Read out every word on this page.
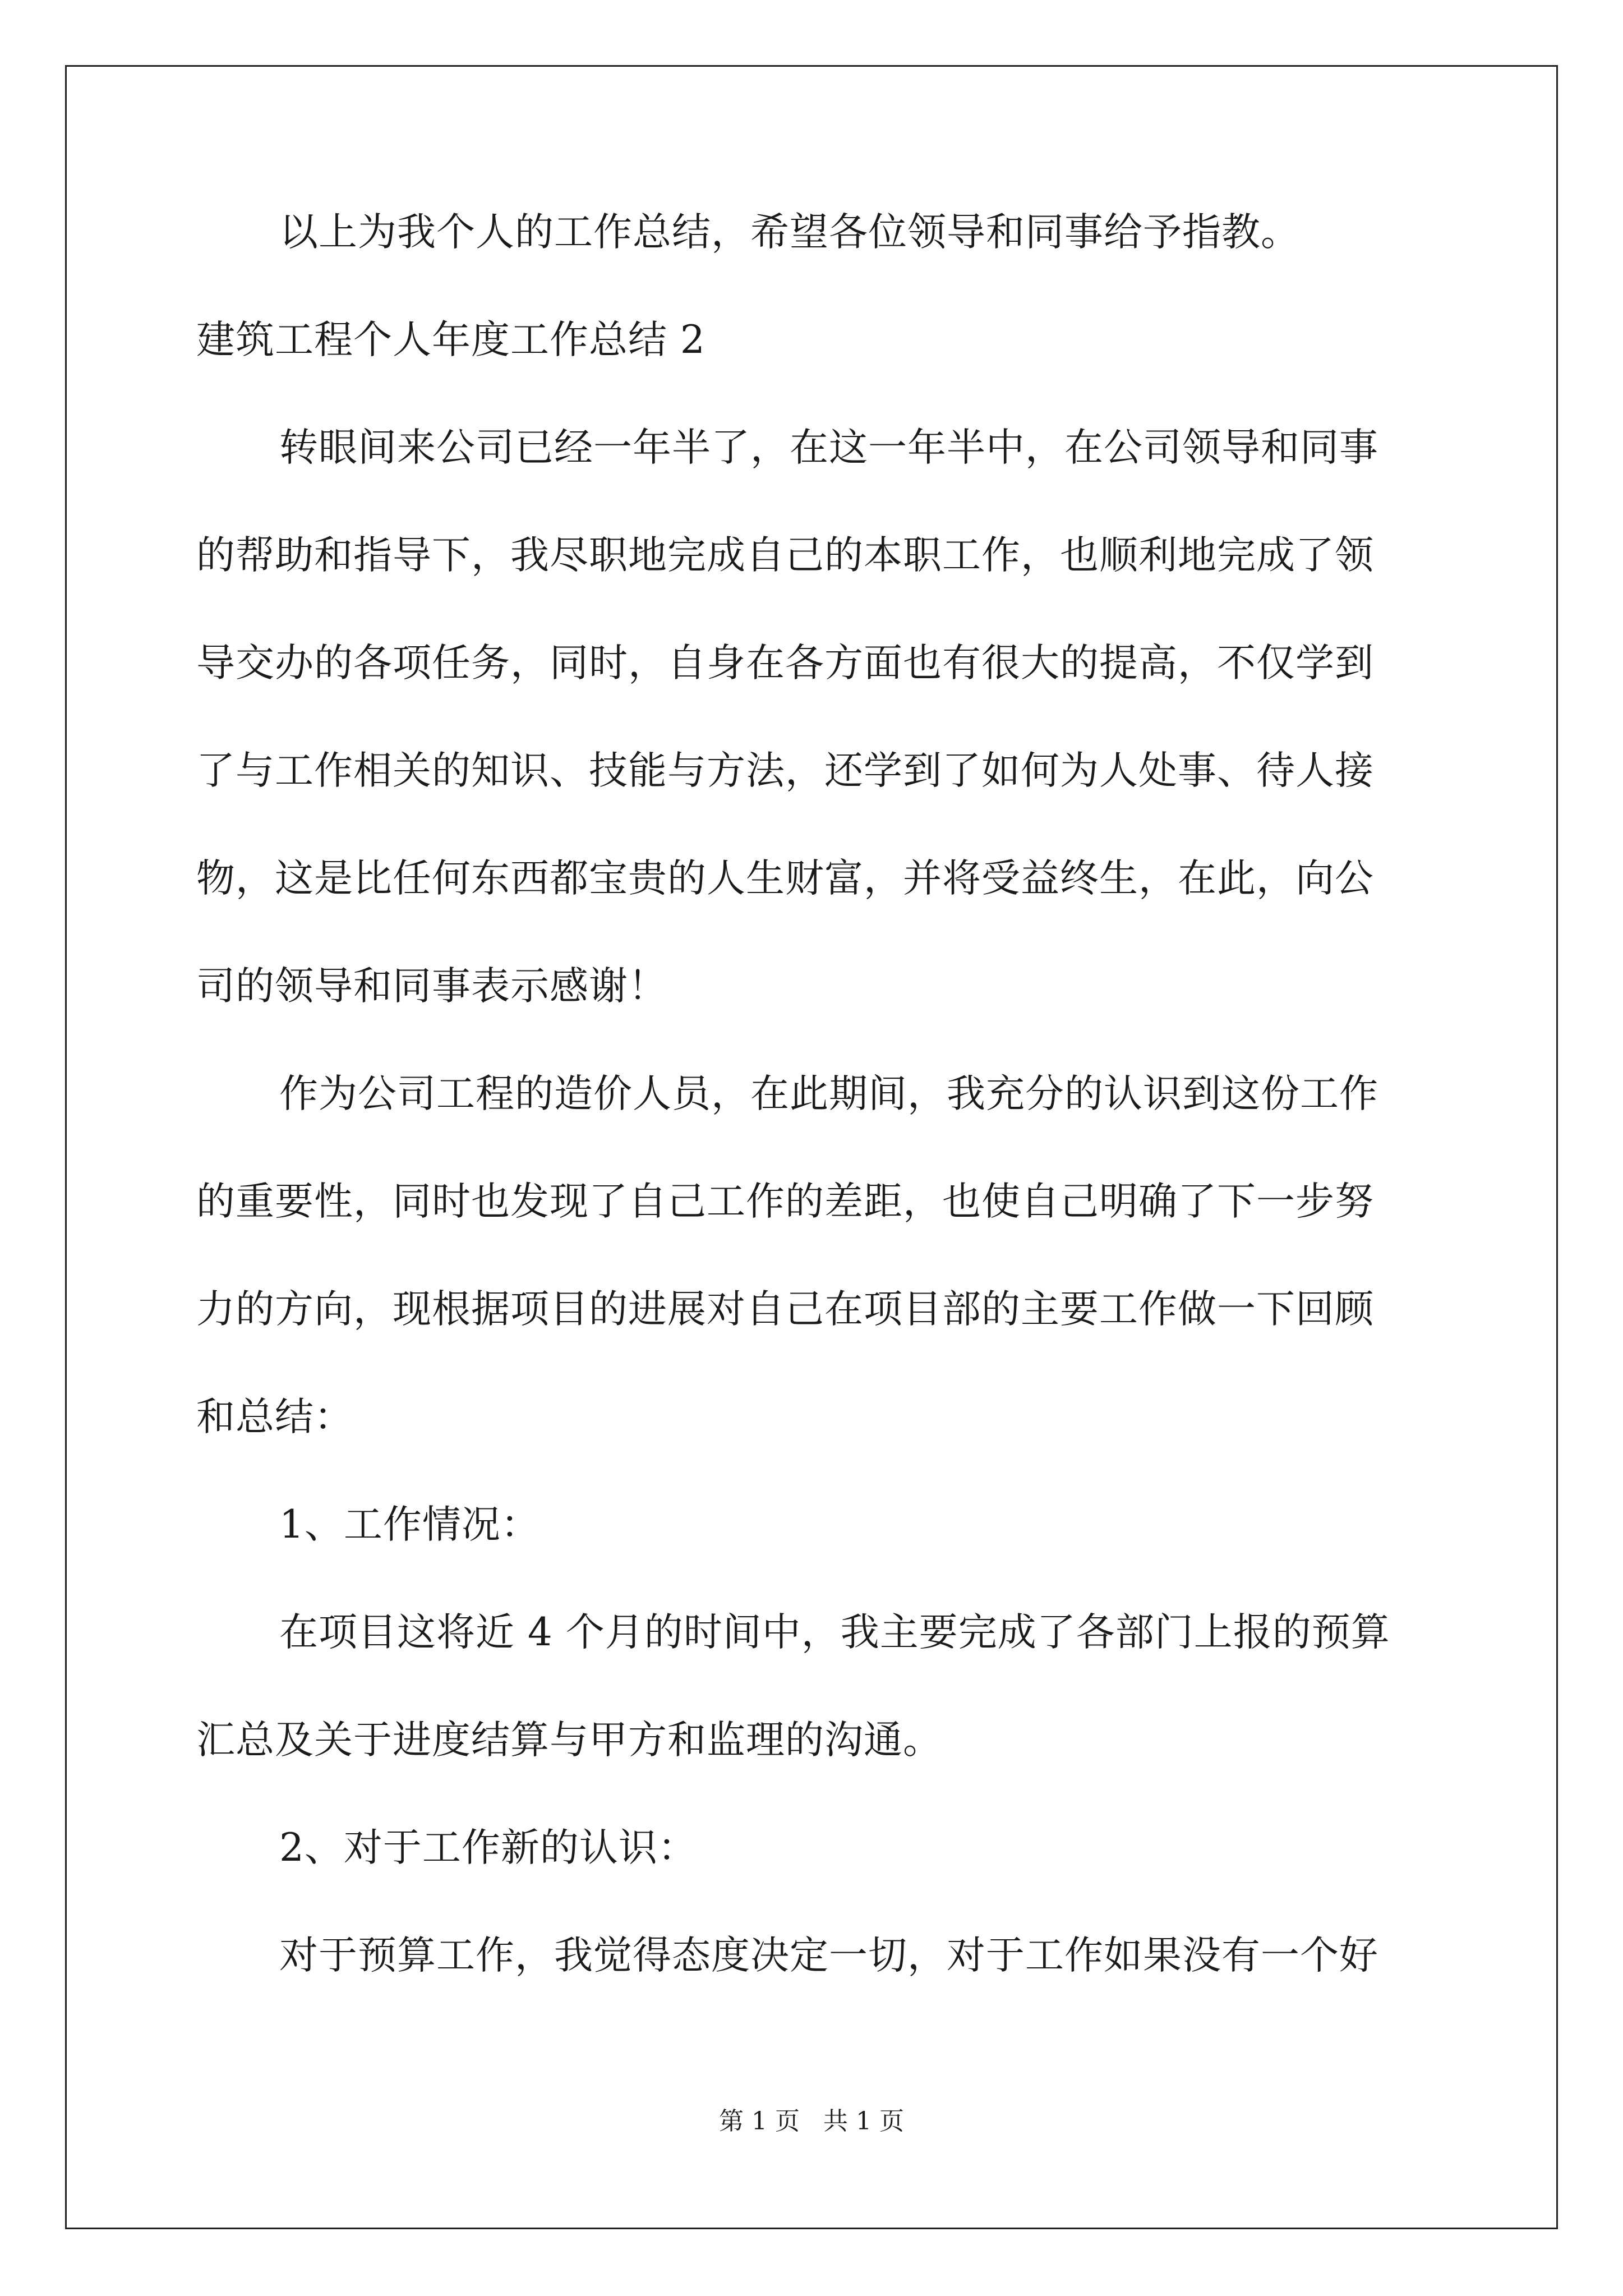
以上为我个人的工作总结，希望各位领导和同事给予指教。
建筑工程个人年度工作总结 2
转眼间来公司已经一年半了，在这一年半中，在公司领导和同事
的帮助和指导下，我尽职地完成自己的本职工作，也顺利地完成了领
导交办的各项任务，同时，自身在各方面也有很大的提高，不仅学到
了与工作相关的知识、技能与方法，还学到了如何为人处事、待人接
物，这是比任何东西都宝贵的人生财富，并将受益终生，在此，向公
司的领导和同事表示感谢！
作为公司工程的造价人员，在此期间，我充分的认识到这份工作
的重要性，同时也发现了自己工作的差距，也使自己明确了下一步努
力的方向，现根据项目的进展对自己在项目部的主要工作做一下回顾
和总结：
1、工作情况：
在项目这将近 4 个月的时间中，我主要完成了各部门上报的预算
汇总及关于进度结算与甲方和监理的沟通。
2、对于工作新的认识：
对于预算工作，我觉得态度决定一切，对于工作如果没有一个好
第 1 页 共 1 页
